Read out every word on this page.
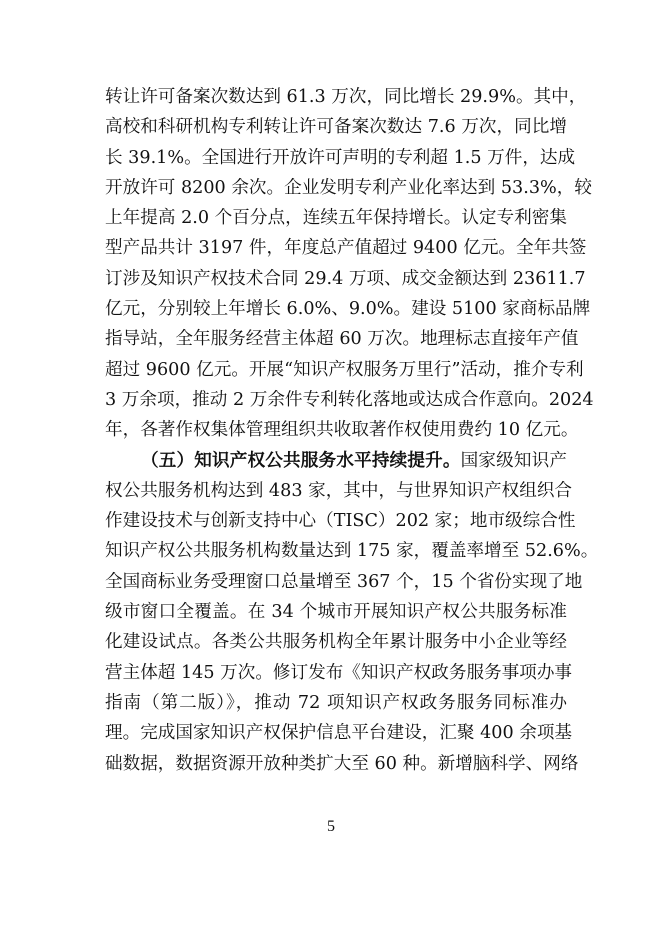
转让许可备案次数达到 61.3 万次，同比增长 29.9%。其中，
高校和科研机构专利转让许可备案次数达 7.6 万次，同比增
长 39.1%。全国进行开放许可声明的专利超 1.5 万件，达成
开放许可 8200 余次。企业发明专利产业化率达到 53.3%，较
上年提高 2.0 个百分点，连续五年保持增长。认定专利密集
型产品共计 3197 件，年度总产值超过 9400 亿元。全年共签
订涉及知识产权技术合同 29.4 万项、成交金额达到 23611.7
亿元，分别较上年增长 6.0%、9.0%。建设 5100 家商标品牌
指导站，全年服务经营主体超 60 万次。地理标志直接年产值
超过 9600 亿元。开展“知识产权服务万里行”活动，推介专利
3 万余项，推动 2 万余件专利转化落地或达成合作意向。2024
年，各著作权集体管理组织共收取著作权使用费约 10 亿元。
（五）知识产权公共服务水平持续提升。国家级知识产
权公共服务机构达到 483 家，其中，与世界知识产权组织合
作建设技术与创新支持中心（TISC）202 家；地市级综合性
知识产权公共服务机构数量达到 175 家，覆盖率增至 52.6%。
全国商标业务受理窗口总量增至 367 个，15 个省份实现了地
级市窗口全覆盖。在 34 个城市开展知识产权公共服务标准
化建设试点。各类公共服务机构全年累计服务中小企业等经
营主体超 145 万次。修订发布《知识产权政务服务事项办事
指南（第二版）》，推动 72 项知识产权政务服务同标准办
理。完成国家知识产权保护信息平台建设，汇聚 400 余项基
础数据，数据资源开放种类扩大至 60 种。新增脑科学、网络
5
